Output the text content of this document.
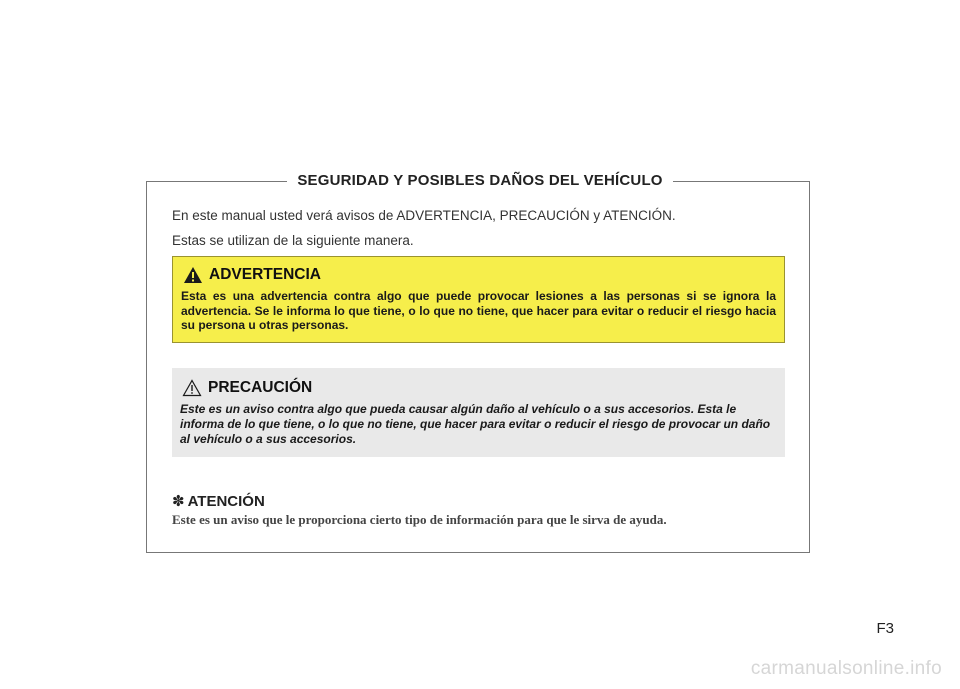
SEGURIDAD Y POSIBLES DAÑOS DEL VEHÍCULO
En este manual usted verá avisos de ADVERTENCIA, PRECAUCIÓN y ATENCIÓN.
Estas se utilizan de la siguiente manera.
ADVERTENCIA
Esta es una advertencia contra algo que puede provocar lesiones a las personas si se ignora la advertencia. Se le informa lo que tiene, o lo que no tiene, que hacer para evitar o reducir el riesgo hacia su persona u otras personas.
PRECAUCIÓN
Este es un aviso contra algo que pueda causar algún daño al vehículo o a sus accesorios. Esta le informa de lo que tiene, o lo que no tiene, que hacer para evitar o reducir el riesgo de provocar un daño al vehículo o a sus accesorios.
✽ ATENCIÓN
Este es un aviso que le proporciona cierto tipo de información para que le sirva de ayuda.
F3
carmanualsonline.info
